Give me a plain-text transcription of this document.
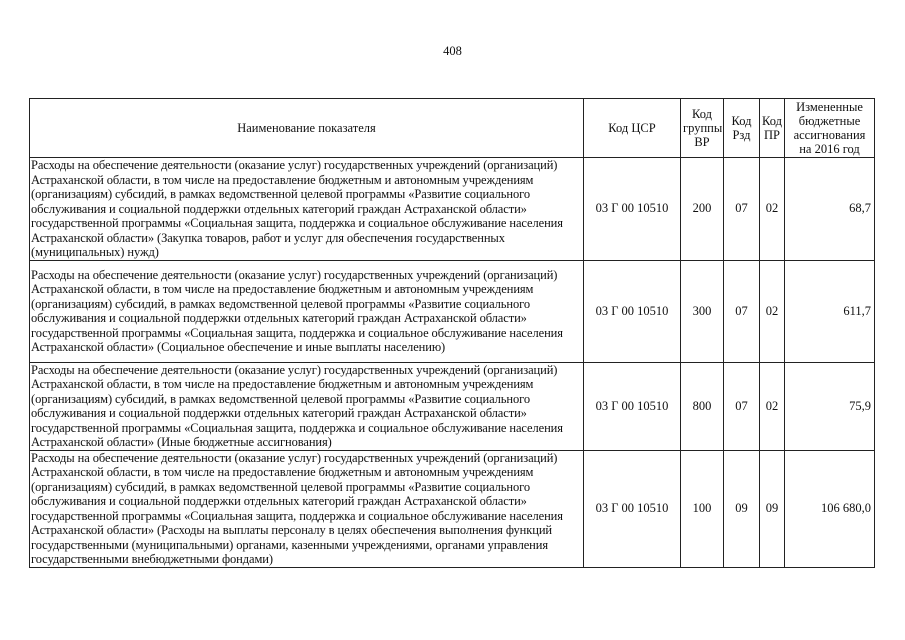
408
Наименование показателя	Код ЦСР	Код группы ВР	Код Рзд	Код ПР	Измененные бюджетные ассигнования на 2016 год
Расходы на обеспечение деятельности (оказание услуг) государственных учреждений (организаций) Астраханской области, в том числе на предоставление бюджетным и автономным учреждениям (организациям) субсидий, в рамках ведомственной целевой программы «Развитие социального обслуживания и социальной поддержки отдельных категорий граждан Астраханской области» государственной программы «Социальная защита, поддержка и социальное обслуживание населения Астраханской области» (Закупка товаров, работ и услуг для обеспечения государственных (муниципальных) нужд)	03 Г 00 10510	200	07	02	68,7
Расходы на обеспечение деятельности (оказание услуг) государственных учреждений (организаций) Астраханской области, в том числе на предоставление бюджетным и автономным учреждениям (организациям) субсидий, в рамках ведомственной целевой программы «Развитие социального обслуживания и социальной поддержки отдельных категорий граждан Астраханской области» государственной программы «Социальная защита, поддержка и социальное обслуживание населения Астраханской области» (Социальное обеспечение и иные выплаты населению)	03 Г 00 10510	300	07	02	611,7
Расходы на обеспечение деятельности (оказание услуг) государственных учреждений (организаций) Астраханской области, в том числе на предоставление бюджетным и автономным учреждениям (организациям) субсидий, в рамках ведомственной целевой программы «Развитие социального обслуживания и социальной поддержки отдельных категорий граждан Астраханской области» государственной программы «Социальная защита, поддержка и социальное обслуживание населения Астраханской области» (Иные бюджетные ассигнования)	03 Г 00 10510	800	07	02	75,9
Расходы на обеспечение деятельности (оказание услуг) государственных учреждений (организаций) Астраханской области, в том числе на предоставление бюджетным и автономным учреждениям (организациям) субсидий, в рамках ведомственной целевой программы «Развитие социального обслуживания и социальной поддержки отдельных категорий граждан Астраханской области» государственной программы «Социальная защита, поддержка и социальное обслуживание населения Астраханской области» (Расходы на выплаты персоналу в целях обеспечения выполнения функций государственными (муниципальными) органами, казенными учреждениями, органами управления государственными внебюджетными фондами)	03 Г 00 10510	100	09	09	106 680,0
